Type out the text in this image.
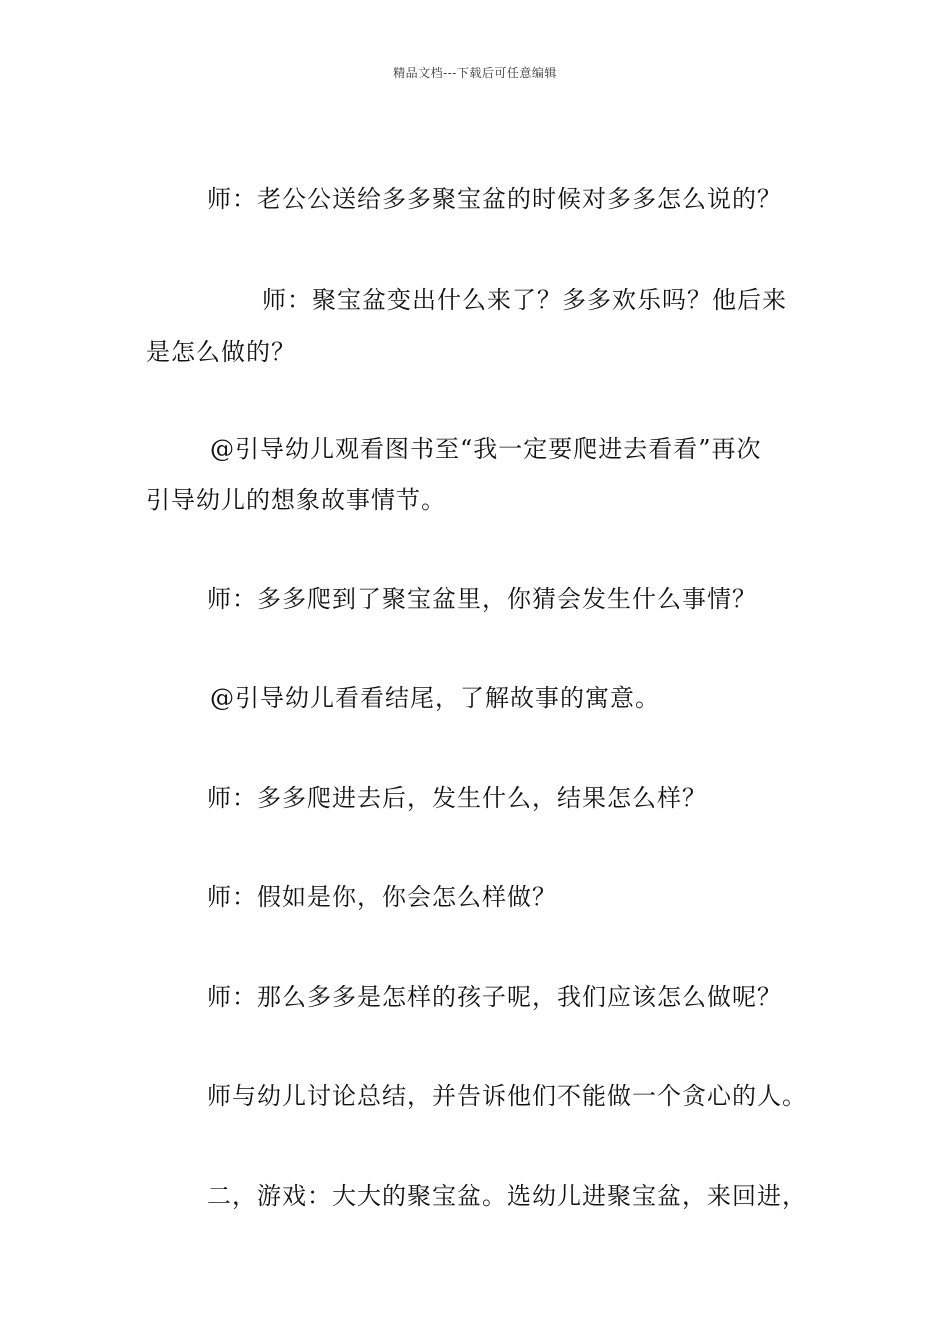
精品文档---下载后可任意编辑
师：老公公送给多多聚宝盆的时候对多多怎么说的？
师：聚宝盆变出什么来了？多多欢乐吗？他后来
是怎么做的？
@引导幼儿观看图书至“我一定要爬进去看看”再次
引导幼儿的想象故事情节。
师：多多爬到了聚宝盆里，你猜会发生什么事情？
@引导幼儿看看结尾，了解故事的寓意。
师：多多爬进去后，发生什么，结果怎么样？
师：假如是你，你会怎么样做？
师：那么多多是怎样的孩子呢，我们应该怎么做呢？
师与幼儿讨论总结，并告诉他们不能做一个贪心的人。
二，游戏：大大的聚宝盆。选幼儿进聚宝盆，来回进，
